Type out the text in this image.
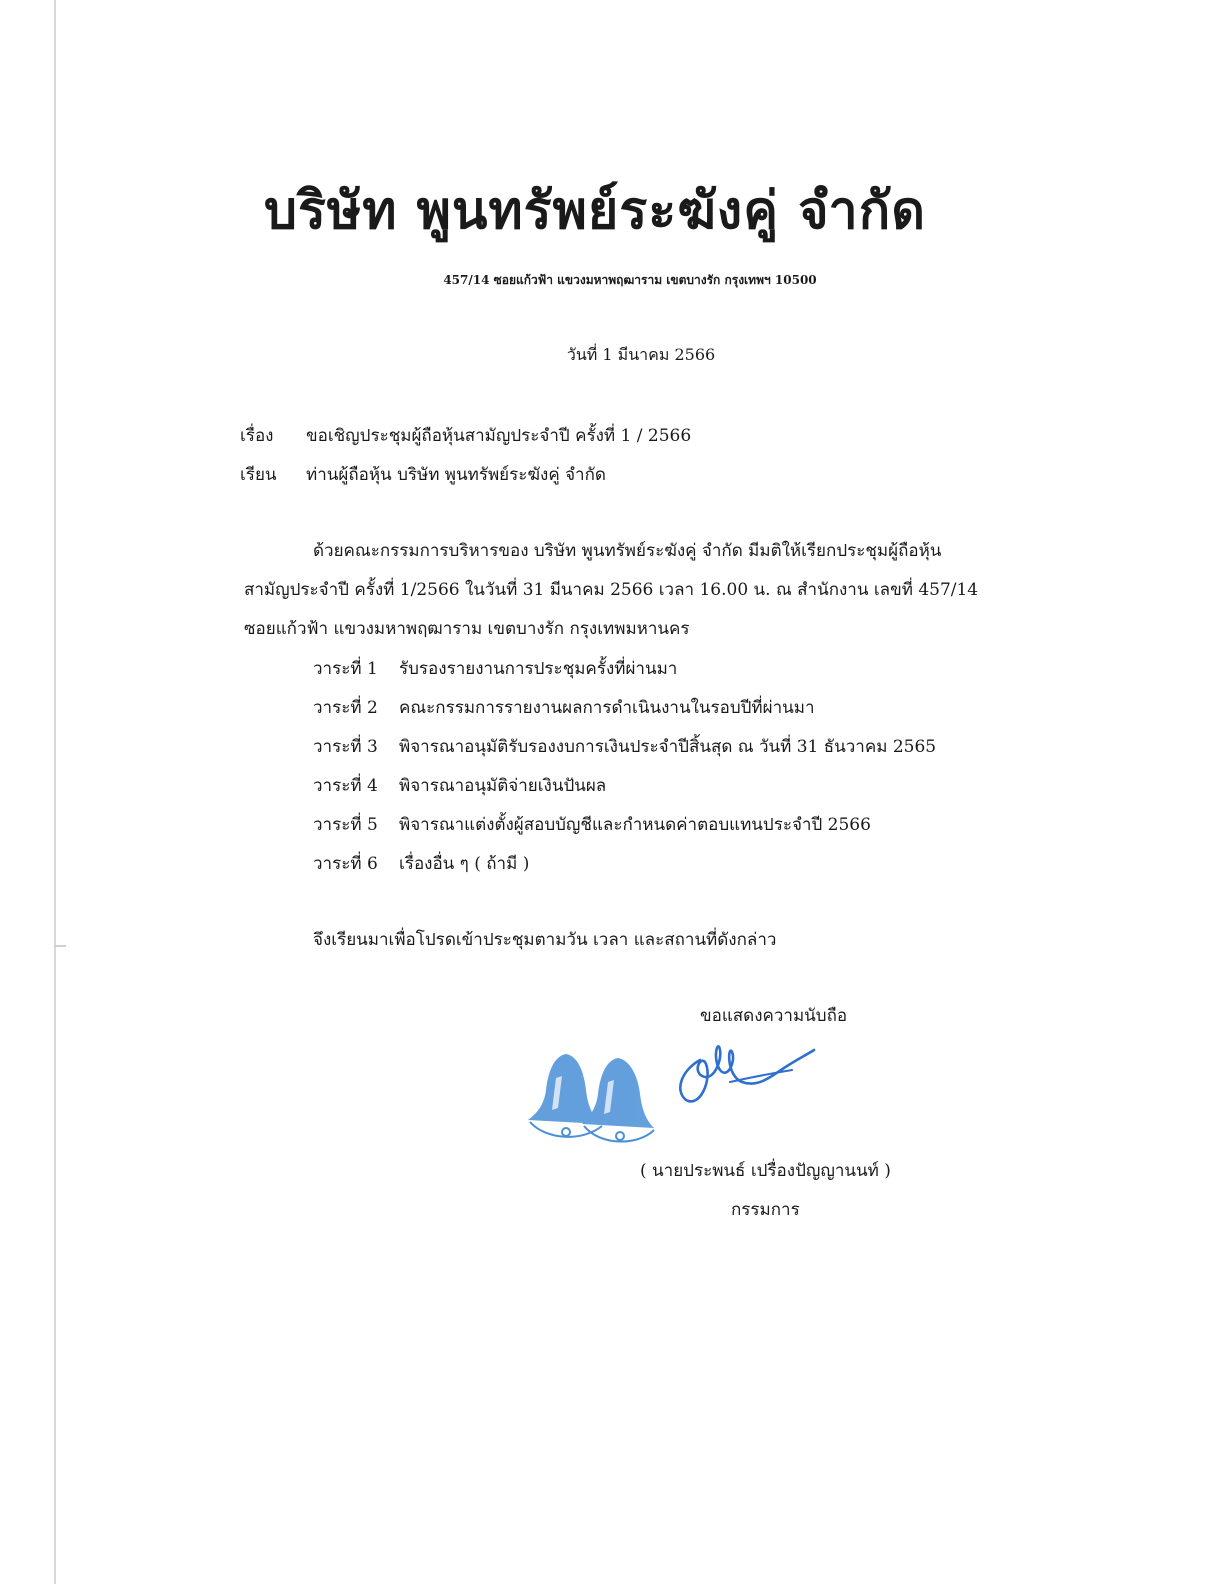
บริษัท พูนทรัพย์ระฆังคู่ จำกัด
457/14 ซอยแก้วฟ้า แขวงมหาพฤฒาราม เขตบางรัก กรุงเทพฯ 10500
วันที่ 1 มีนาคม 2566
เรื่อง ขอเชิญประชุมผู้ถือหุ้นสามัญประจำปี ครั้งที่ 1 / 2566
เรียน ท่านผู้ถือหุ้น บริษัท พูนทรัพย์ระฆังคู่ จำกัด
ด้วยคณะกรรมการบริหารของ บริษัท พูนทรัพย์ระฆังคู่ จำกัด มีมติให้เรียกประชุมผู้ถือหุ้น
สามัญประจำปี ครั้งที่ 1/2566 ในวันที่ 31 มีนาคม 2566 เวลา 16.00 น. ณ สำนักงาน เลขที่ 457/14
ซอยแก้วฟ้า แขวงมหาพฤฒาราม เขตบางรัก กรุงเทพมหานคร
วาระที่ 1 รับรองรายงานการประชุมครั้งที่ผ่านมา
วาระที่ 2 คณะกรรมการรายงานผลการดำเนินงานในรอบปีที่ผ่านมา
วาระที่ 3 พิจารณาอนุมัติรับรองงบการเงินประจำปีสิ้นสุด ณ วันที่ 31 ธันวาคม 2565
วาระที่ 4 พิจารณาอนุมัติจ่ายเงินปันผล
วาระที่ 5 พิจารณาแต่งตั้งผู้สอบบัญชีและกำหนดค่าตอบแทนประจำปี 2566
วาระที่ 6 เรื่องอื่น ๆ ( ถ้ามี )
จึงเรียนมาเพื่อโปรดเข้าประชุมตามวัน เวลา และสถานที่ดังกล่าว
ขอแสดงความนับถือ
( นายประพนธ์ เปรื่องปัญญานนท์ )
กรรมการ
